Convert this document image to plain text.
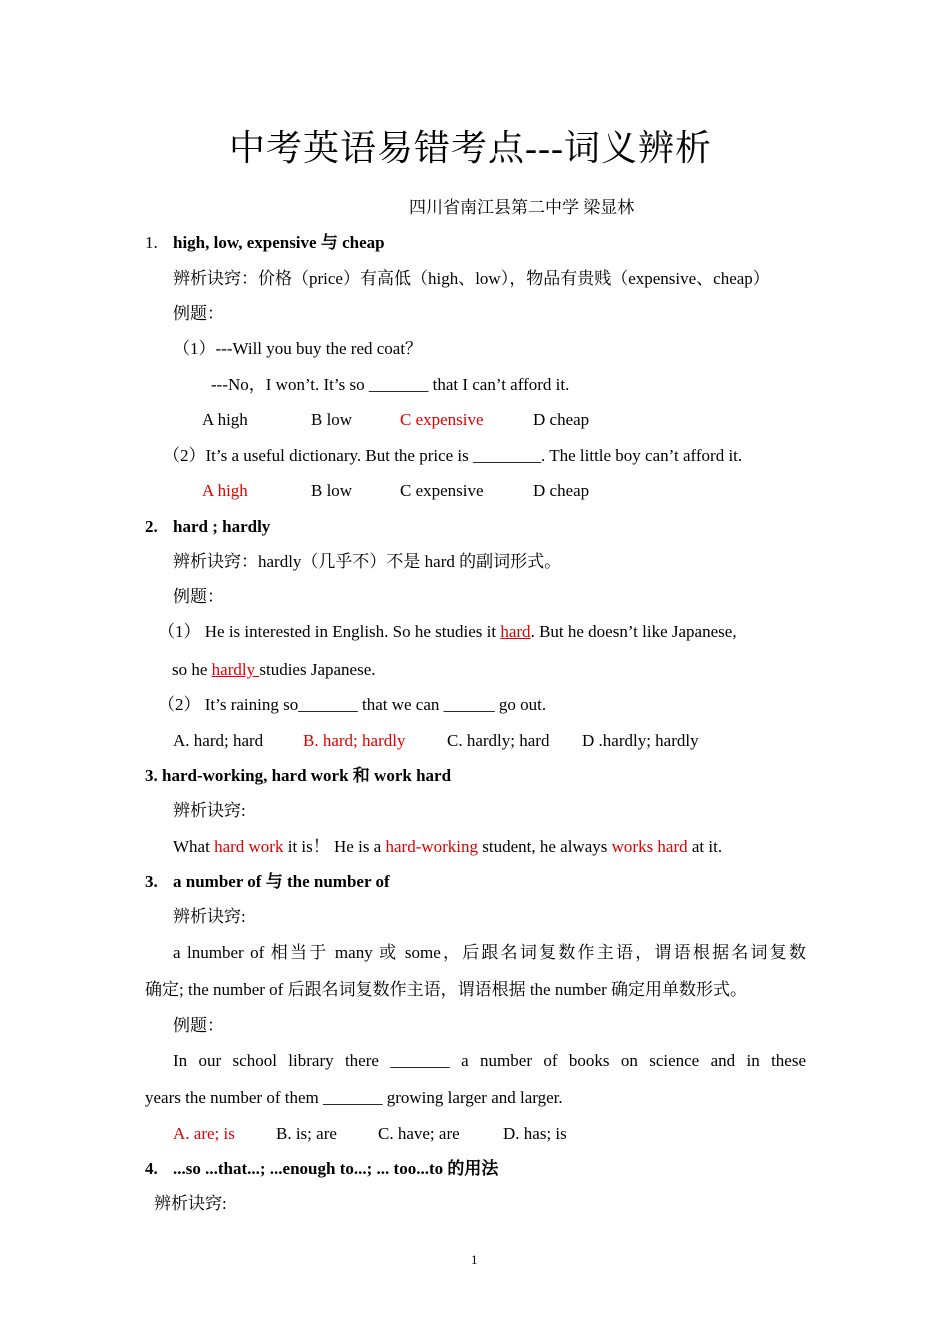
中考英语易错考点---词义辨析
四川省南江县第二中学 梁显林
1. high, low, expensive 与 cheap
辨析诀窍：价格（price）有高低（high、low），物品有贵贱（expensive、cheap）
例题：
（1）---Will you buy the red coat？
---No，I won’t. It’s so _______ that I can’t afford it.
A high	B low	C expensive	D cheap
（2）It’s a useful dictionary. But the price is ________. The little boy can’t afford it.
A high	B low	C expensive	D cheap
2. hard ; hardly
辨析诀窍：hardly（几乎不）不是 hard 的副词形式。
例题：
（1） He is interested in English. So he studies it hard. But he doesn’t like Japanese,
so he hardly studies Japanese.
（2） It’s raining so_______ that we can ______ go out.
A. hard; hard B. hard; hardly C. hardly; hard D .hardly; hardly
3. hard-working, hard work 和 work hard
辨析诀窍:
What hard work it is！ He is a hard-working student, he always works hard at it.
3. a number of 与 the number of
辨析诀窍:
a lnumber of 相当于 many 或 some，后跟名词复数作主语，谓语根据名词复数
确定; the number of 后跟名词复数作主语，谓语根据 the number 确定用单数形式。
例题：
In our school library there _______ a number of books on science and in these
years the number of them _______ growing larger and larger.
A. are; is B. is; are C. have; are	D. has; is
4. ...so ...that...; ...enough to...; ... too...to 的用法
辨析诀窍:
1
